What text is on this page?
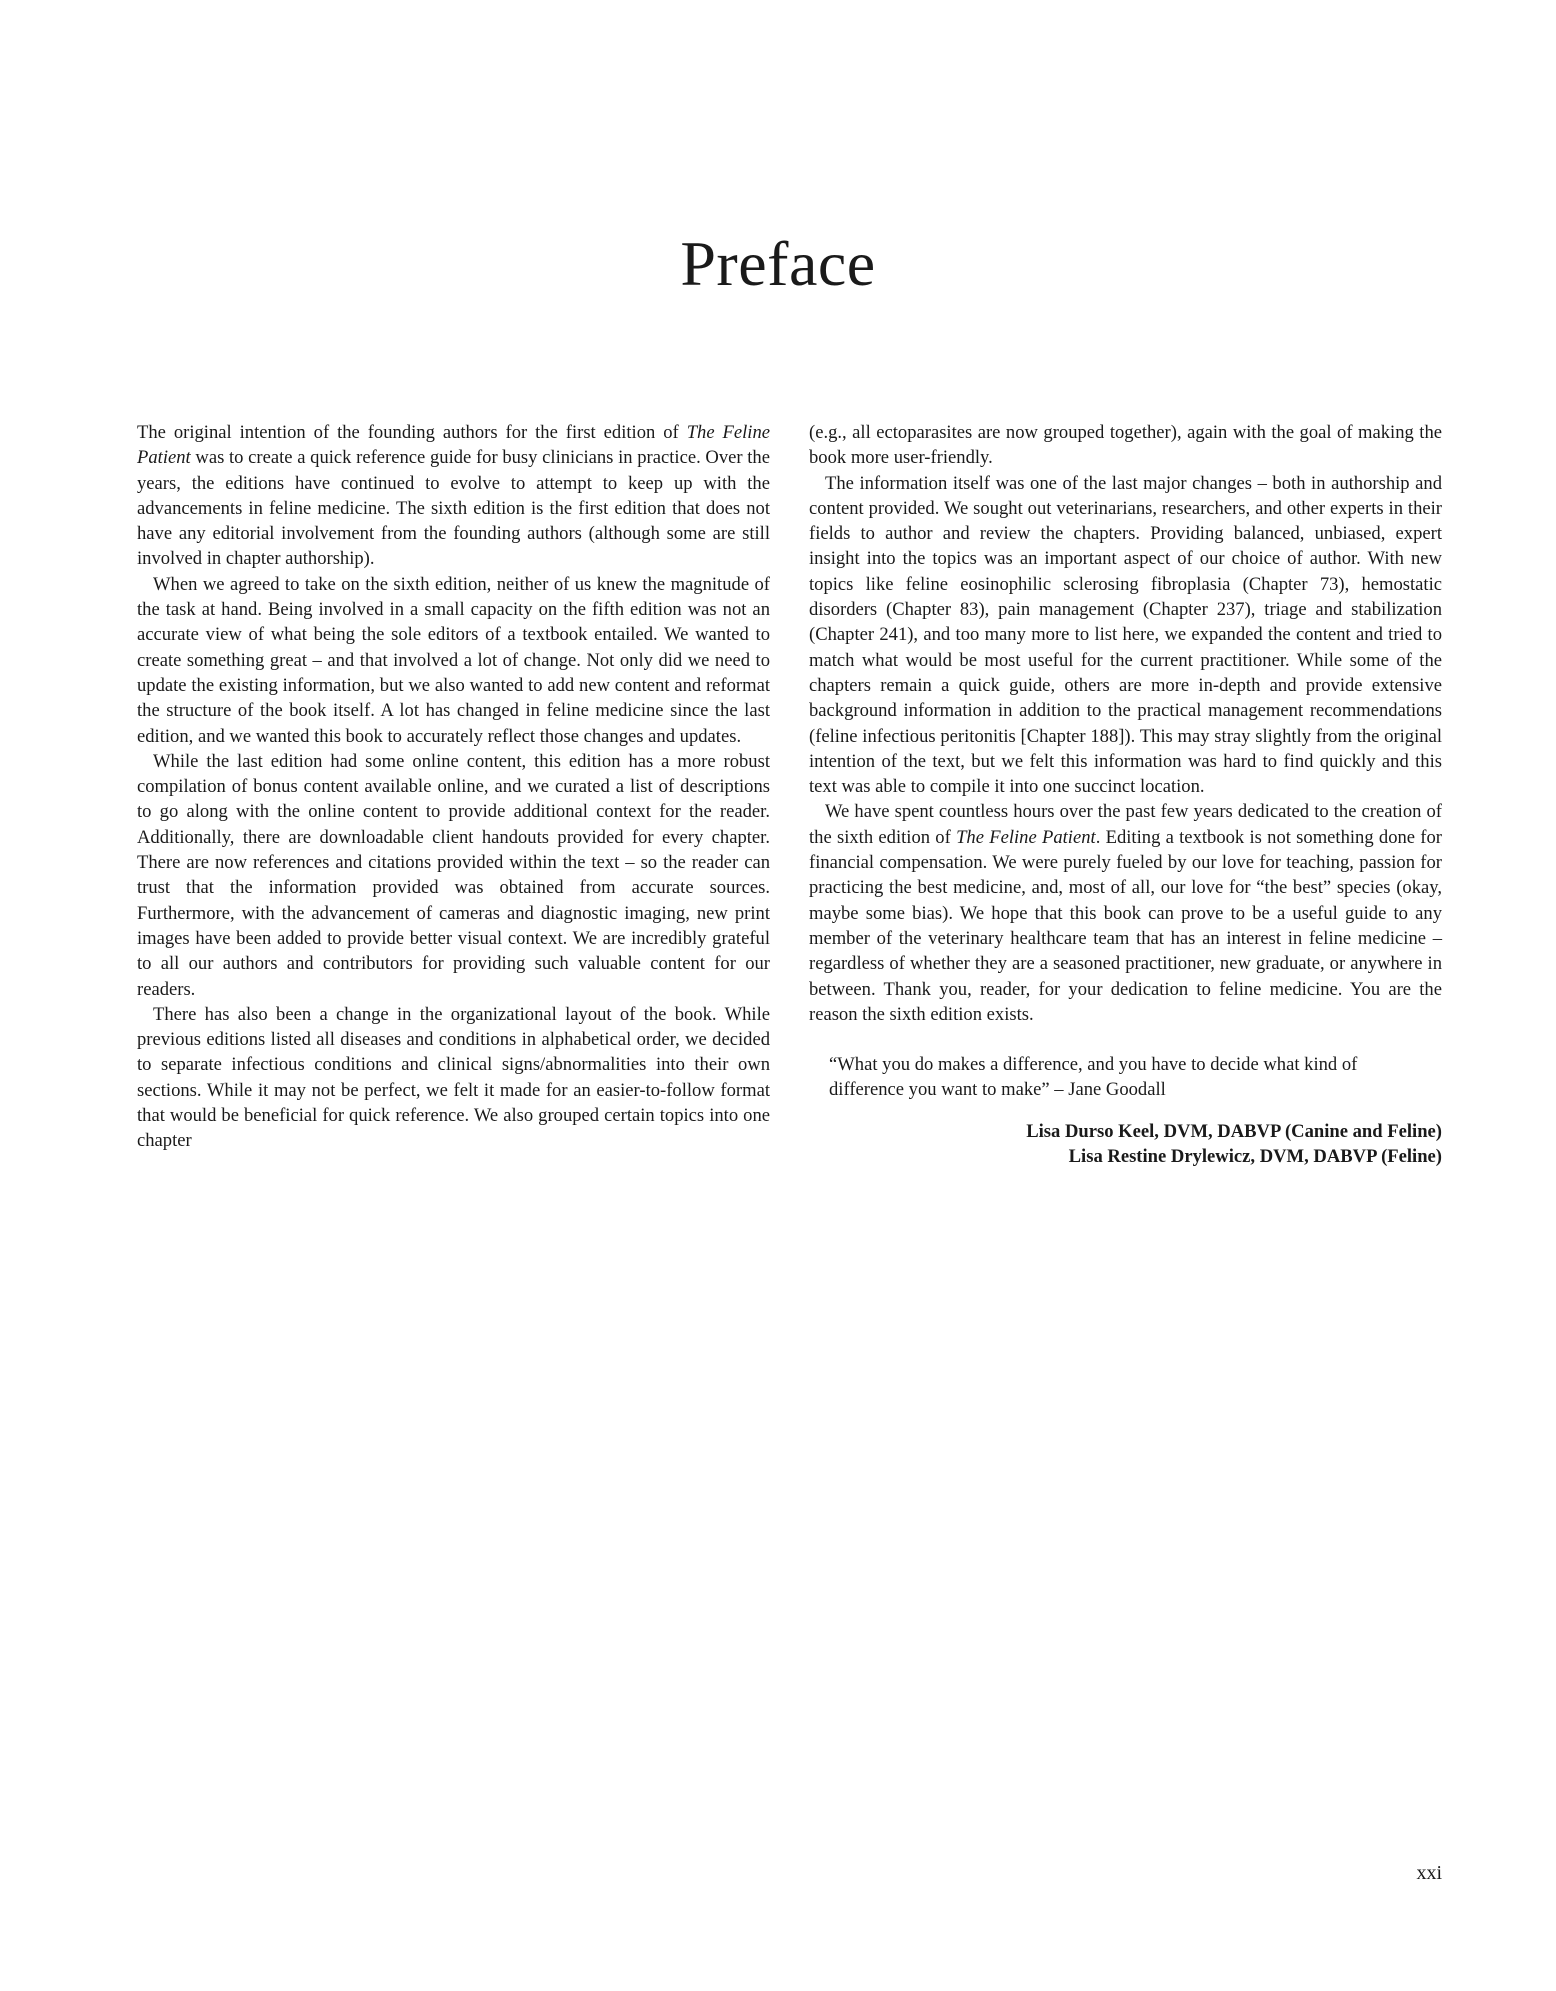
Preface

The original intention of the founding authors for the first edition of The Feline Patient was to create a quick reference guide for busy clinicians in practice. Over the years, the editions have continued to evolve to attempt to keep up with the advancements in feline medicine. The sixth edition is the first edition that does not have any editorial involvement from the founding authors (although some are still involved in chapter authorship).

When we agreed to take on the sixth edition, neither of us knew the magnitude of the task at hand. Being involved in a small capacity on the fifth edition was not an accurate view of what being the sole editors of a textbook entailed. We wanted to create something great – and that involved a lot of change. Not only did we need to update the existing information, but we also wanted to add new content and reformat the structure of the book itself. A lot has changed in feline medicine since the last edition, and we wanted this book to accurately reflect those changes and updates.

While the last edition had some online content, this edition has a more robust compilation of bonus content available online, and we curated a list of descriptions to go along with the online content to provide additional context for the reader. Additionally, there are downloadable client handouts provided for every chapter. There are now references and citations provided within the text – so the reader can trust that the information provided was obtained from accurate sources. Furthermore, with the advancement of cameras and diagnostic imaging, new print images have been added to provide better visual context. We are incredibly grateful to all our authors and contributors for providing such valuable content for our readers.

There has also been a change in the organizational layout of the book. While previous editions listed all diseases and conditions in alphabetical order, we decided to separate infectious conditions and clinical signs/abnormalities into their own sections. While it may not be perfect, we felt it made for an easier-to-follow format that would be beneficial for quick reference. We also grouped certain topics into one chapter

(e.g., all ectoparasites are now grouped together), again with the goal of making the book more user-friendly.

The information itself was one of the last major changes – both in authorship and content provided. We sought out veterinarians, researchers, and other experts in their fields to author and review the chapters. Providing balanced, unbiased, expert insight into the topics was an important aspect of our choice of author. With new topics like feline eosinophilic sclerosing fibroplasia (Chapter 73), hemostatic disorders (Chapter 83), pain management (Chapter 237), triage and stabilization (Chapter 241), and too many more to list here, we expanded the content and tried to match what would be most useful for the current practitioner. While some of the chapters remain a quick guide, others are more in-depth and provide extensive background information in addition to the practical management recommendations (feline infectious peritonitis [Chapter 188]). This may stray slightly from the original intention of the text, but we felt this information was hard to find quickly and this text was able to compile it into one succinct location.

We have spent countless hours over the past few years dedicated to the creation of the sixth edition of The Feline Patient. Editing a textbook is not something done for financial compensation. We were purely fueled by our love for teaching, passion for practicing the best medicine, and, most of all, our love for “the best” species (okay, maybe some bias). We hope that this book can prove to be a useful guide to any member of the veterinary healthcare team that has an interest in feline medicine – regardless of whether they are a seasoned practitioner, new graduate, or anywhere in between. Thank you, reader, for your dedication to feline medicine. You are the reason the sixth edition exists.

“What you do makes a difference, and you have to decide what kind of difference you want to make” – Jane Goodall
Lisa Durso Keel, DVM, DABVP (Canine and Feline)
Lisa Restine Drylewicz, DVM, DABVP (Feline)
xxi
